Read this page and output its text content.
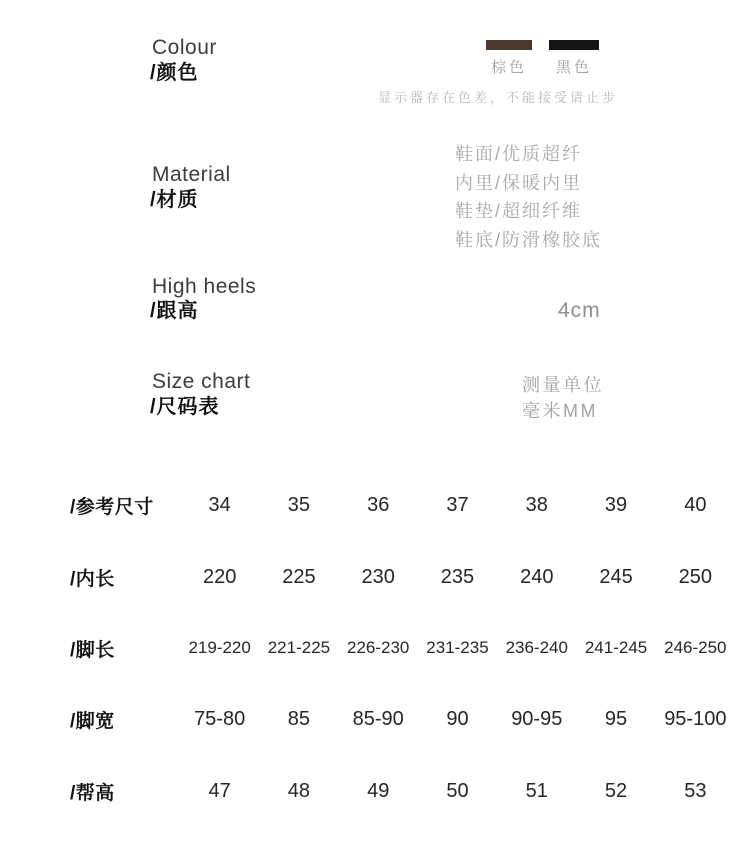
Colour
/颜色	棕色 黑色
显示器存在色差，不能接受请止步
Material
/材质
鞋面/优质超纤
内里/保暖内里
鞋垫/超细纤维
鞋底/防滑橡胶底
High heels
/跟高	4cm
Size chart
/尺码表
测量单位
毫米MM
/参考尺寸	34	35	36	37	38	39	40
/内长	220	225	230	235	240	245	250
/脚长	219-220 221-225 226-230 231-235 236-240 241-245 246-250
/脚宽	75-80	85	85-90	90	90-95	95	95-100
/帮高	47	48	49	50	51	52	53
